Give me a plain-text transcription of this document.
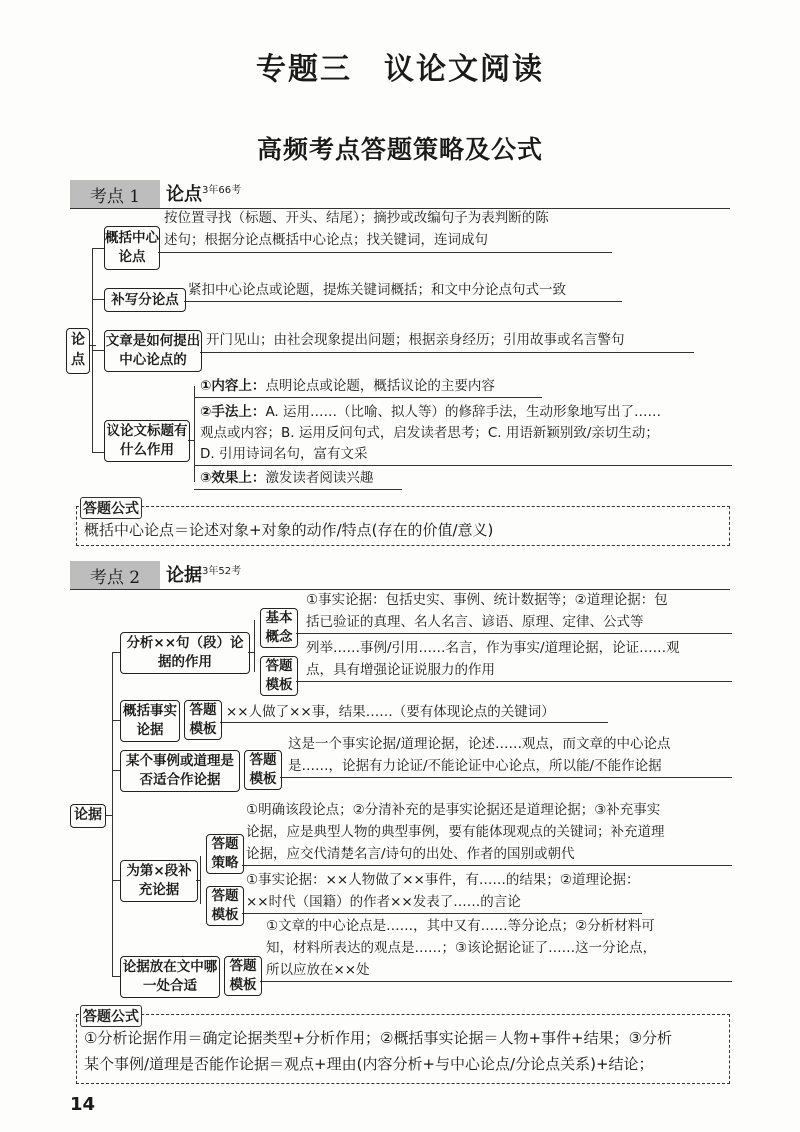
专题三　议论文阅读
高频考点答题策略及公式
考点 1	论点$^{3年66考}$
论点
概括中心论点
按位置寻找（标题、开头、结尾）；摘抄或改编句子为表判断的陈
述句；根据分论点概括中心论点；找关键词，连词成句
补写分论点
紧扣中心论点或论题，提炼关键词概括；和文中分论点句式一致
文章是如何提出中心论点的
开门见山；由社会现象提出问题；根据亲身经历；引用故事或名言警句
议论文标题有什么作用
①内容上：点明论点或论题，概括议论的主要内容
②手法上：A. 运用……（比喻、拟人等）的修辞手法，生动形象地写出了……
观点或内容；B. 运用反问句式，启发读者思考；C. 用语新颖别致/亲切生动；
D. 引用诗词名句，富有文采
③效果上：激发读者阅读兴趣
答题公式
概括中心论点＝论述对象+对象的动作/特点(存在的价值/意义)
考点 2	论据$^{3年52考}$
论据
分析××句（段）论据的作用
基本概念
答题模板
①事实论据：包括史实、事例、统计数据等；②道理论据：包
括已验证的真理、名人名言、谚语、原理、定律、公式等
列举……事例/引用……名言，作为事实/道理论据，论证……观
点，具有增强论证说服力的作用
概括事实论据
答题模板
××人做了××事，结果……（要有体现论点的关键词）
某个事例或道理是否适合作论据
答题模板
这是一个事实论据/道理论据，论述……观点，而文章的中心论点
是……，论据有力论证/不能论证中心论点，所以能/不能作论据
为第×段补充论据
答题策略
答题模板
①明确该段论点；②分清补充的是事实论据还是道理论据；③补充事实
论据，应是典型人物的典型事例，要有能体现观点的关键词；补充道理
论据，应交代清楚名言/诗句的出处、作者的国别或朝代
①事实论据：××人物做了××事件，有……的结果；②道理论据：
××时代（国籍）的作者××发表了……的言论
论据放在文中哪一处合适
答题模板
①文章的中心论点是……，其中又有……等分论点；②分析材料可
知，材料所表达的观点是……；③该论据论证了……这一分论点，
所以应放在××处
答题公式
①分析论据作用＝确定论据类型+分析作用；②概括事实论据＝人物+事件+结果；③分析
某个事例/道理是否能作论据＝观点+理由(内容分析+与中心论点/分论点关系)+结论；
14
